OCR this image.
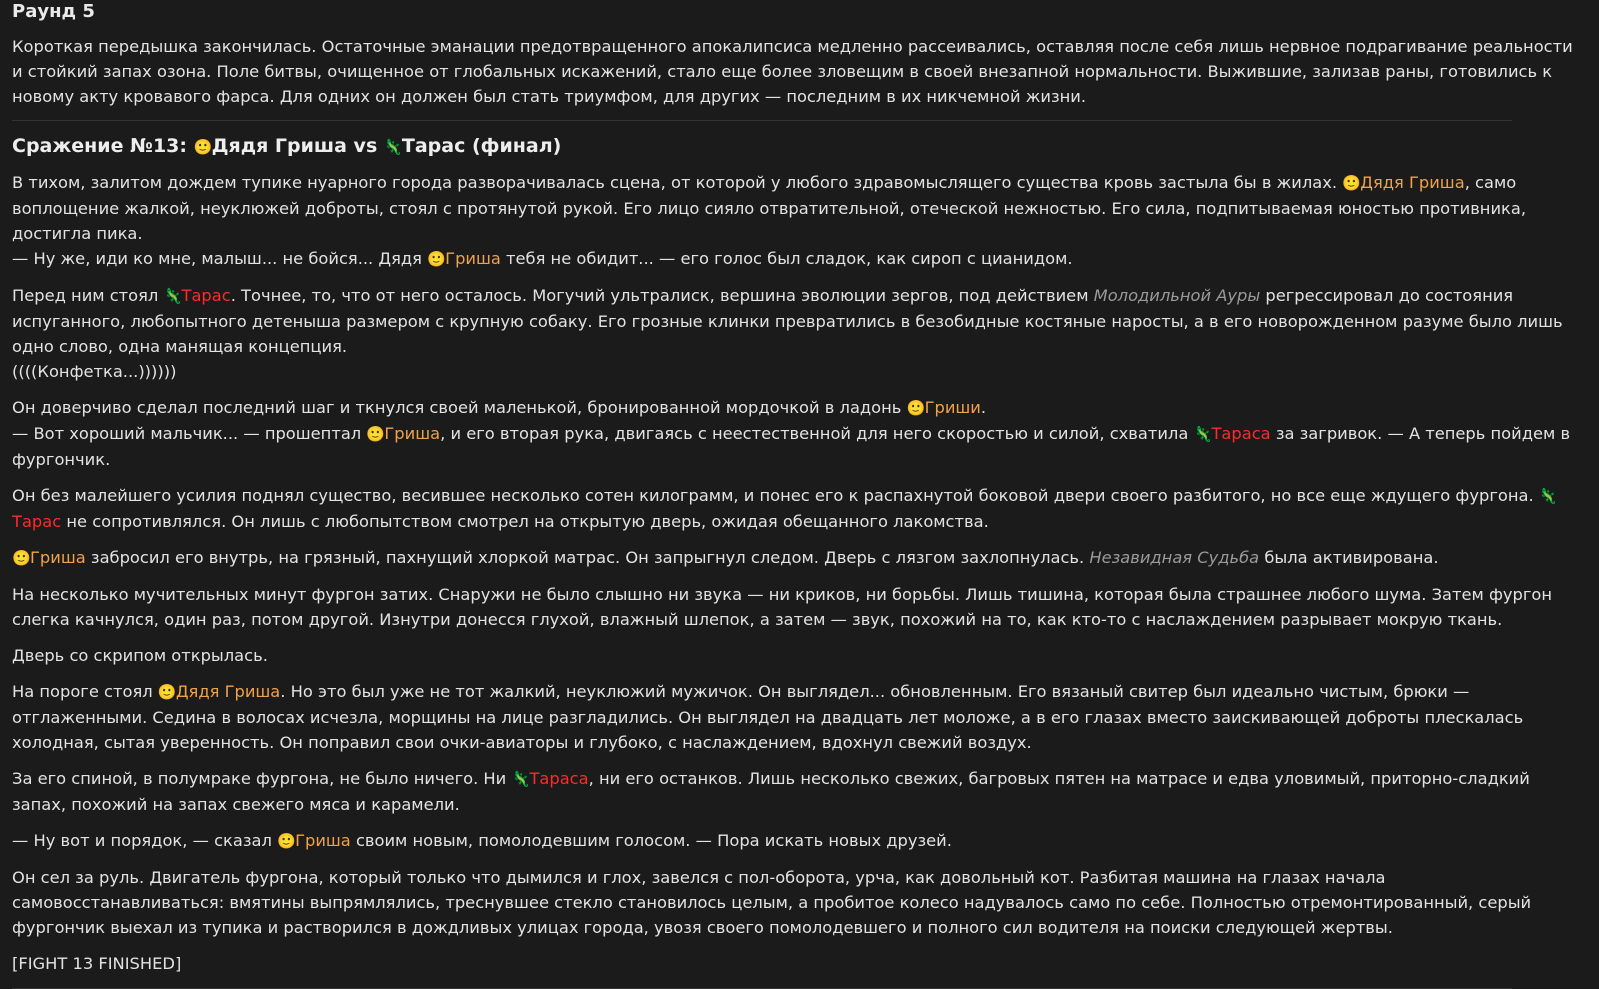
Раунд 5

Короткая передышка закончилась. Остаточные эманации предотвращенного апокалипсиса медленно рассеивались, оставляя после себя лишь нервное подрагивание реальности и стойкий запах озона. Поле битвы, очищенное от глобальных искажений, стало еще более зловещим в своей внезапной нормальности. Выжившие, зализав раны, готовились к новому акту кровавого фарса. Для одних он должен был стать триумфом, для других — последним в их никчемной жизни.

Сражение №13: 🙂Дядя Гриша vs 🦎Тарас (финал)

В тихом, залитом дождем тупике нуарного города разворачивалась сцена, от которой у любого здравомыслящего существа кровь застыла бы в жилах. 🙂Дядя Гриша, само воплощение жалкой, неуклюжей доброты, стоял с протянутой рукой. Его лицо сияло отвратительной, отеческой нежностью. Его сила, подпитываемая юностью противника, достигла пика.
— Ну же, иди ко мне, малыш... не бойся... Дядя 🙂Гриша тебя не обидит... — его голос был сладок, как сироп с цианидом.

Перед ним стоял 🦎Тарас. Точнее, то, что от него осталось. Могучий ультралиск, вершина эволюции зергов, под действием Молодильной Ауры регрессировал до состояния испуганного, любопытного детеныша размером с крупную собаку. Его грозные клинки превратились в безобидные костяные наросты, а в его новорожденном разуме было лишь одно слово, одна манящая концепция.
((((Конфетка...))))))

Он доверчиво сделал последний шаг и ткнулся своей маленькой, бронированной мордочкой в ладонь 🙂Гриши.
— Вот хороший мальчик... — прошептал 🙂Гриша, и его вторая рука, двигаясь с неестественной для него скоростью и силой, схватила 🦎Тараса за загривок. — А теперь пойдем в фургончик.

Он без малейшего усилия поднял существо, весившее несколько сотен килограмм, и понес его к распахнутой боковой двери своего разбитого, но все еще ждущего фургона. 🦎Тарас не сопротивлялся. Он лишь с любопытством смотрел на открытую дверь, ожидая обещанного лакомства.

🙂Гриша забросил его внутрь, на грязный, пахнущий хлоркой матрас. Он запрыгнул следом. Дверь с лязгом захлопнулась. Незавидная Судьба была активирована.

На несколько мучительных минут фургон затих. Снаружи не было слышно ни звука — ни криков, ни борьбы. Лишь тишина, которая была страшнее любого шума. Затем фургон слегка качнулся, один раз, потом другой. Изнутри донесся глухой, влажный шлепок, а затем — звук, похожий на то, как кто-то с наслаждением разрывает мокрую ткань.

Дверь со скрипом открылась.

На пороге стоял 🙂Дядя Гриша. Но это был уже не тот жалкий, неуклюжий мужичок. Он выглядел... обновленным. Его вязаный свитер был идеально чистым, брюки — отглаженными. Седина в волосах исчезла, морщины на лице разгладились. Он выглядел на двадцать лет моложе, а в его глазах вместо заискивающей доброты плескалась холодная, сытая уверенность. Он поправил свои очки-авиаторы и глубоко, с наслаждением, вдохнул свежий воздух.

За его спиной, в полумраке фургона, не было ничего. Ни 🦎Тараса, ни его останков. Лишь несколько свежих, багровых пятен на матрасе и едва уловимый, приторно-сладкий запах, похожий на запах свежего мяса и карамели.

— Ну вот и порядок, — сказал 🙂Гриша своим новым, помолодевшим голосом. — Пора искать новых друзей.

Он сел за руль. Двигатель фургона, который только что дымился и глох, завелся с пол-оборота, урча, как довольный кот. Разбитая машина на глазах начала самовосстанавливаться: вмятины выпрямлялись, треснувшее стекло становилось целым, а пробитое колесо надувалось само по себе. Полностью отремонтированный, серый фургончик выехал из тупика и растворился в дождливых улицах города, увозя своего помолодевшего и полного сил водителя на поиски следующей жертвы.

[FIGHT 13 FINISHED]
